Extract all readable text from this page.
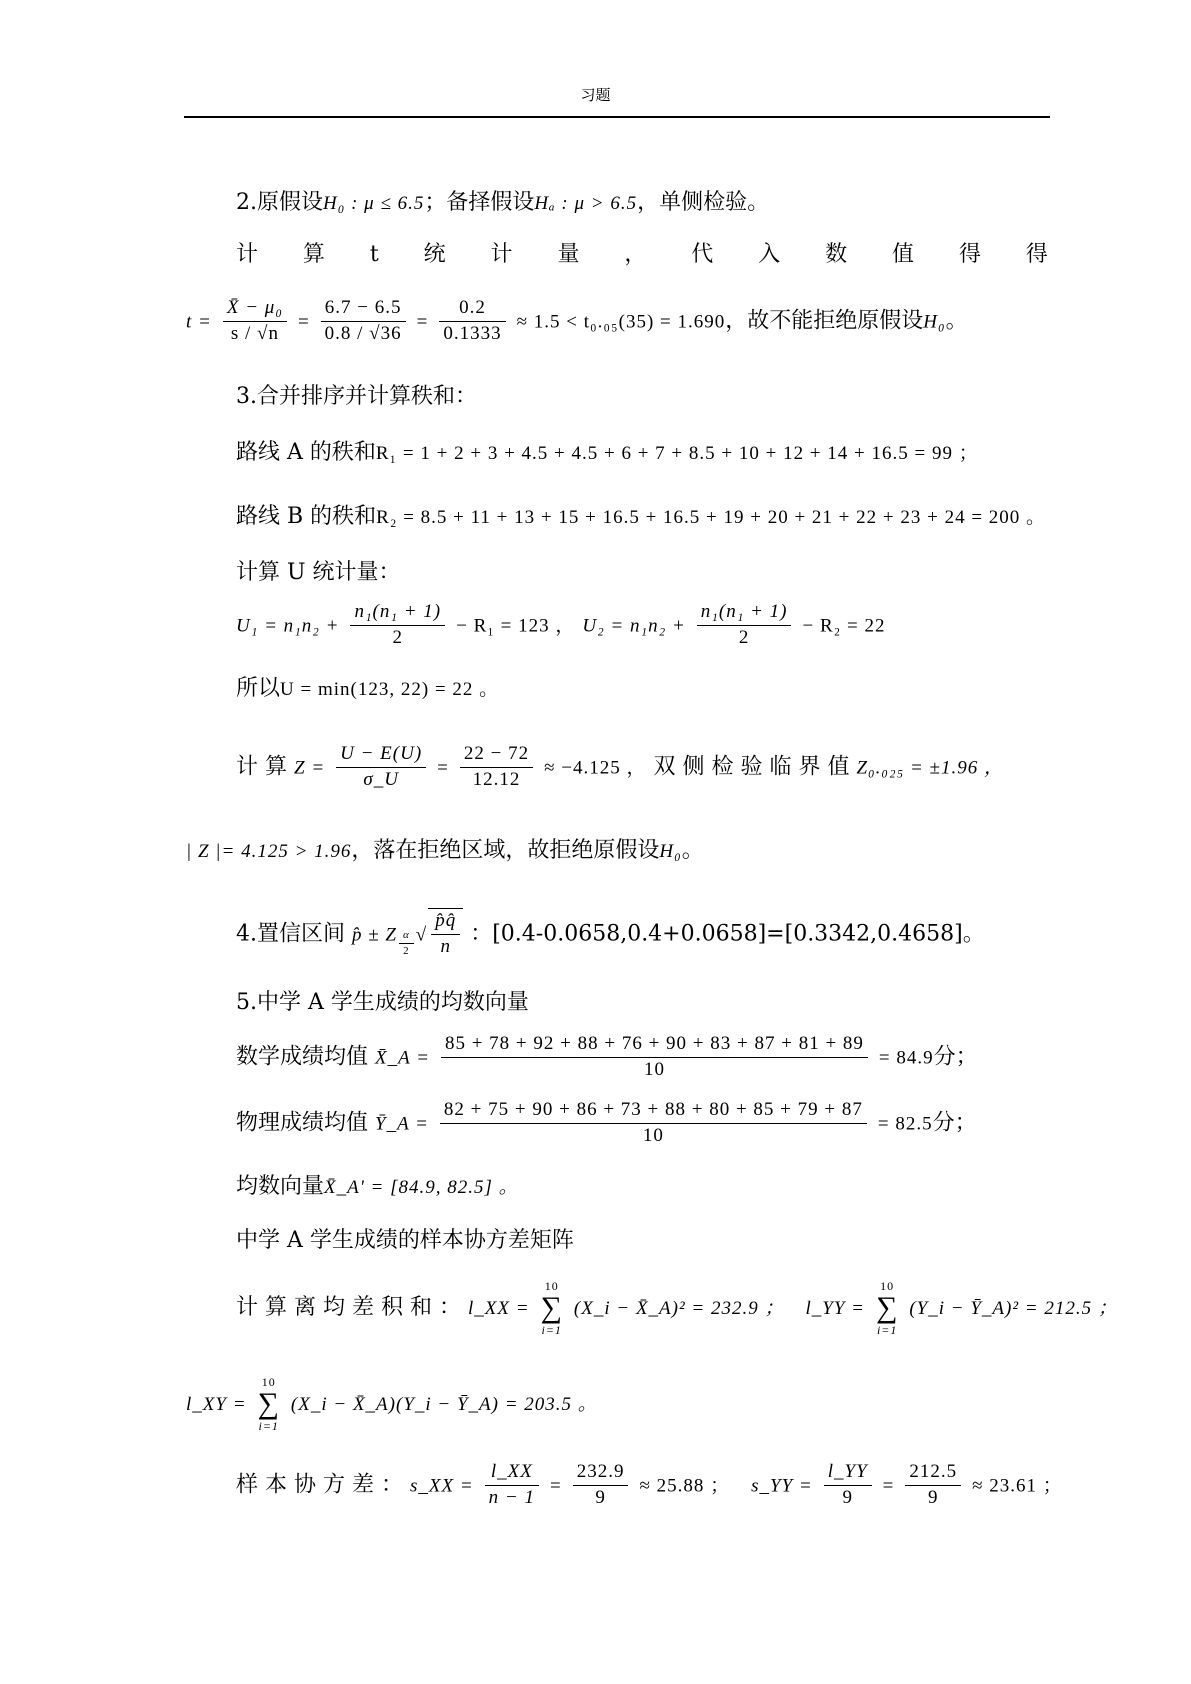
习题
2.原假设H₀ : μ ≤ 6.5；备择假设Hₐ : μ > 6.5，单侧检验。
计 算 t 统 计 量 ， 代 入 数 值 得 得
$t = \frac{\text{X̄ − μ₀}}{s / √n} = \frac{6.7 - 6.5}{0.8 / √36} = \frac{0.2}{0.1333} \approx 1.5 < t_0._{05}(35) = 1.690$，故不能拒绝原假设H₀。
3.合并排序并计算秩和：
路线 A 的秩和R₁ = 1 + 2 + 3 + 4.5 + 4.5 + 6 + 7 + 8.5 + 10 + 12 + 14 + 16.5 = 99 ；
路线 B 的秩和R₂ = 8.5 + 11 + 13 + 15 + 16.5 + 16.5 + 19 + 20 + 21 + 22 + 23 + 24 = 200 。
计算 U 统计量：
$U_1 = n_1n_2 + \frac{\text{n₁(n₁ + 1)}}{2} - R_1 = 123$ ， $U_2 = n_1n_2 + \frac{\text{n₁(n₁ + 1)}}{2} - R_2 = 22$
所以U = min(123, 22) = 22 。
计 算 $Z = \frac{U - E(U)}{\sigma\_U} = \frac{22 - 72}{12.12} \approx -4.125$ ， 双 侧 检 验 临 界 值 Z₀.₀₂₅ = ±1.96 ，
| Z |= 4.125 > 1.96，落在拒绝区域，故拒绝原假设H₀。
4.置信区间 p̂ ± Z $\frac{\alpha}{2}$ √ $\frac{p̂q̂}{n}$ ：[0.4-0.0658,0.4+0.0658]=[0.3342,0.4658]。
5.中学 A 学生成绩的均数向量
数学成绩均值 X̄_A = $\frac{85 + 78 + 92 + 88 + 76 + 90 + 83 + 87 + 81 + 89}{10} = 84.9$分；
物理成绩均值 Ȳ_A = $\frac{82 + 75 + 90 + 86 + 73 + 88 + 80 + 85 + 79 + 87}{10} = 82.5$分；
均数向量X̄_A' = [84.9, 82.5] 。
中学 A 学生成绩的样本协方差矩阵
计 算 离 均 差 积 和 ： l_XX =
10
∑
i=1
(X_i − X̄_A)² = 232.9 ； l_YY =
10
∑
i=1
(Y_i − Ȳ_A)² = 212.5 ；
l_XY =
10
∑
i=1
(X_i − X̄_A)(Y_i − Ȳ_A) = 203.5 。
样 本 协 方 差 ： s_XX = $\frac{l\_XX}{n - 1} = \frac{232.9}{9} \approx 25.88$ ； s_YY = $\frac{l\_YY}{9} = \frac{212.5}{9} \approx 23.61$ ；
